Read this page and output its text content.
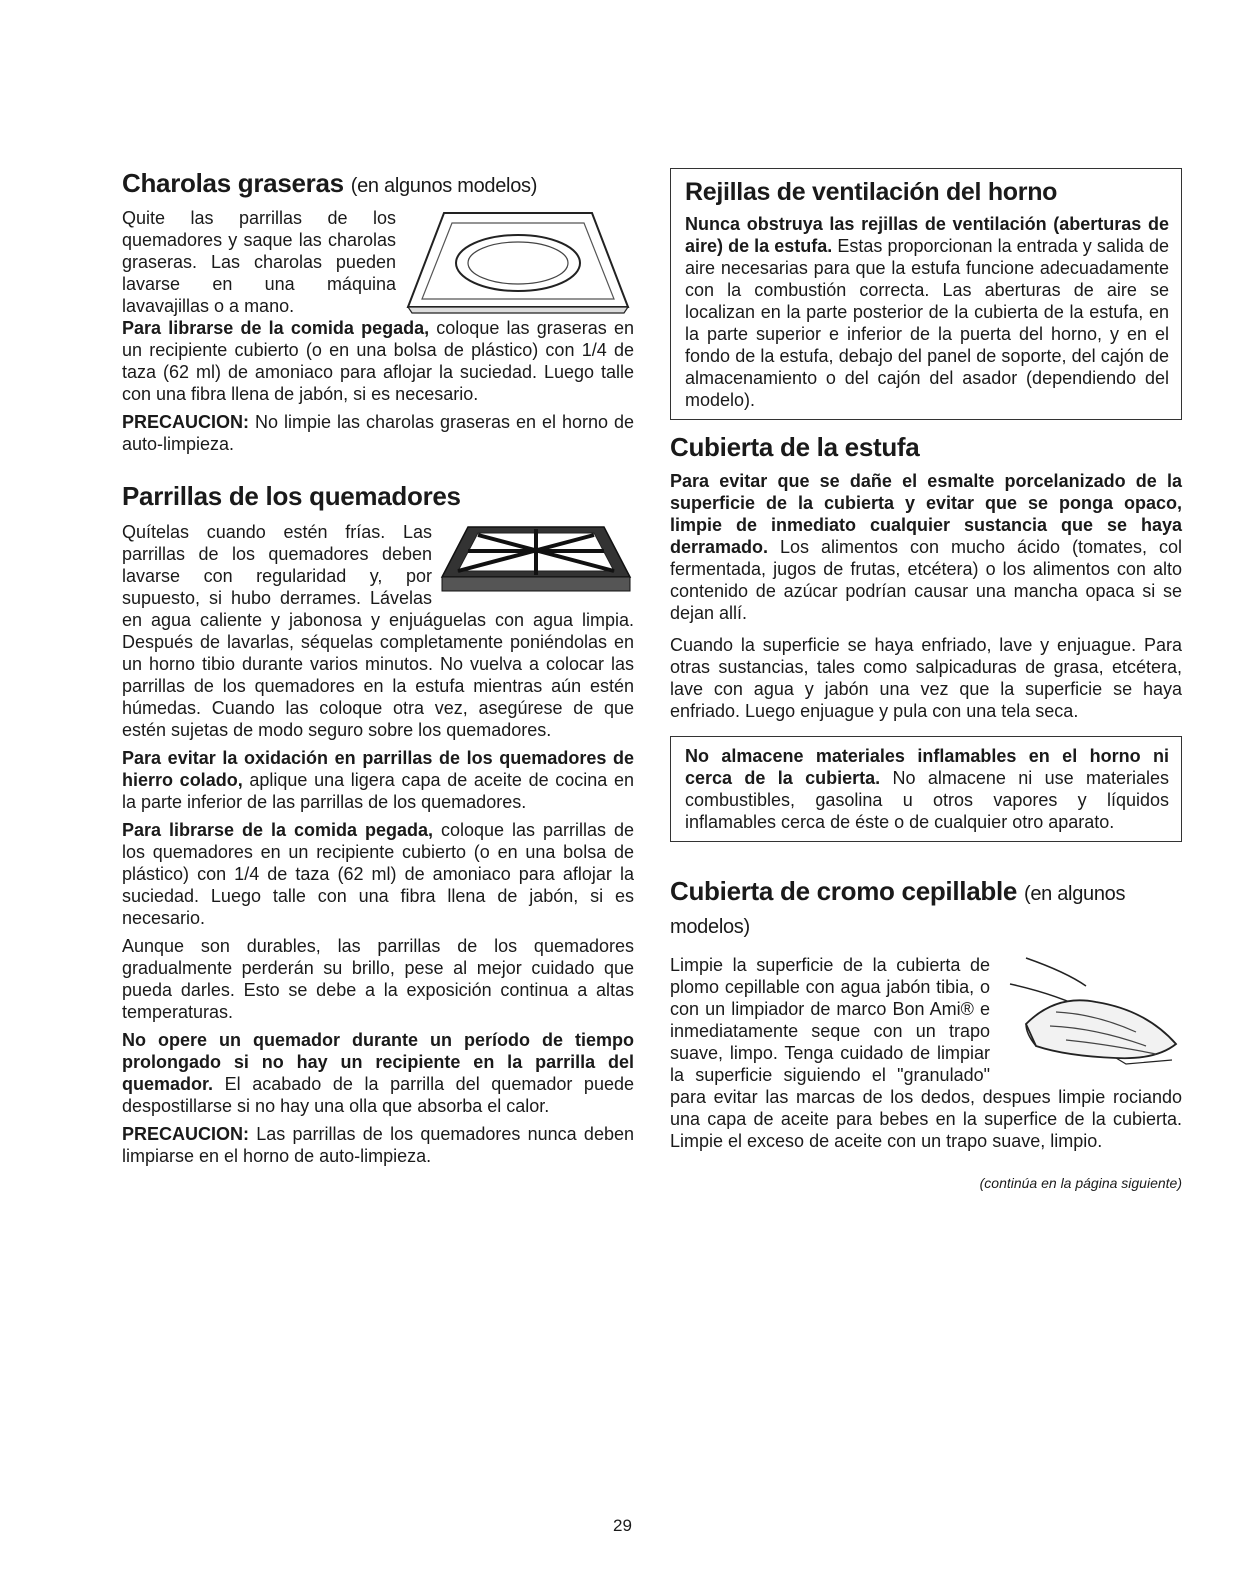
Charolas graseras (en algunos modelos)

Quite las parrillas de los quemadores y saque las charolas graseras. Las charolas pueden lavarse en una máquina lavavajillas o a mano.

Para librarse de la comida pegada, coloque las graseras en un recipiente cubierto (o en una bolsa de plástico) con 1/4 de taza (62 ml) de amoniaco para aflojar la suciedad. Luego talle con una fibra llena de jabón, si es necesario.

PRECAUCION: No limpie las charolas graseras en el horno de auto-limpieza.

Parrillas de los quemadores

Quítelas cuando estén frías. Las parrillas de los quemadores deben lavarse con regularidad y, por supuesto, si hubo derrames. Lávelas en agua caliente y jabonosa y enjuáguelas con agua limpia. Después de lavarlas, séquelas completamente poniéndolas en un horno tibio durante varios minutos. No vuelva a colocar las parrillas de los quemadores en la estufa mientras aún estén húmedas. Cuando las coloque otra vez, asegúrese de que estén sujetas de modo seguro sobre los quemadores.

Para evitar la oxidación en parrillas de los quemadores de hierro colado, aplique una ligera capa de aceite de cocina en la parte inferior de las parrillas de los quemadores.

Para librarse de la comida pegada, coloque las parrillas de los quemadores en un recipiente cubierto (o en una bolsa de plástico) con 1/4 de taza (62 ml) de amoniaco para aflojar la suciedad. Luego talle con una fibra llena de jabón, si es necesario.

Aunque son durables, las parrillas de los quemadores gradualmente perderán su brillo, pese al mejor cuidado que pueda darles. Esto se debe a la exposición continua a altas temperaturas.

No opere un quemador durante un período de tiempo prolongado si no hay un recipiente en la parrilla del quemador. El acabado de la parrilla del quemador puede despostillarse si no hay una olla que absorba el calor.

PRECAUCION: Las parrillas de los quemadores nunca deben limpiarse en el horno de auto-limpieza.

Rejillas de ventilación del horno

Nunca obstruya las rejillas de ventilación (aberturas de aire) de la estufa. Estas proporcionan la entrada y salida de aire necesarias para que la estufa funcione adecuadamente con la combustión correcta. Las aberturas de aire se localizan en la parte posterior de la cubierta de la estufa, en la parte superior e inferior de la puerta del horno, y en el fondo de la estufa, debajo del panel de soporte, del cajón de almacenamiento o del cajón del asador (dependiendo del modelo).

Cubierta de la estufa

Para evitar que se dañe el esmalte porcelanizado de la superficie de la cubierta y evitar que se ponga opaco, limpie de inmediato cualquier sustancia que se haya derramado. Los alimentos con mucho ácido (tomates, col fermentada, jugos de frutas, etcétera) o los alimentos con alto contenido de azúcar podrían causar una mancha opaca si se dejan allí.

Cuando la superficie se haya enfriado, lave y enjuague. Para otras sustancias, tales como salpicaduras de grasa, etcétera, lave con agua y jabón una vez que la superficie se haya enfriado. Luego enjuague y pula con una tela seca.

No almacene materiales inflamables en el horno ni cerca de la cubierta. No almacene ni use materiales combustibles, gasolina u otros vapores y líquidos inflamables cerca de éste o de cualquier otro aparato.

Cubierta de cromo cepillable (en algunos modelos)

Limpie la superficie de la cubierta de plomo cepillable con agua jabón tibia, o con un limpiador de marco Bon Ami® e inmediatamente seque con un trapo suave, limpo. Tenga cuidado de limpiar la superficie siguiendo el "granulado" para evitar las marcas de los dedos, despues limpie rociando una capa de aceite para bebes en la superfice de la cubierta. Limpie el exceso de aceite con un trapo suave, limpio.

(continúa en la página siguiente)

29
